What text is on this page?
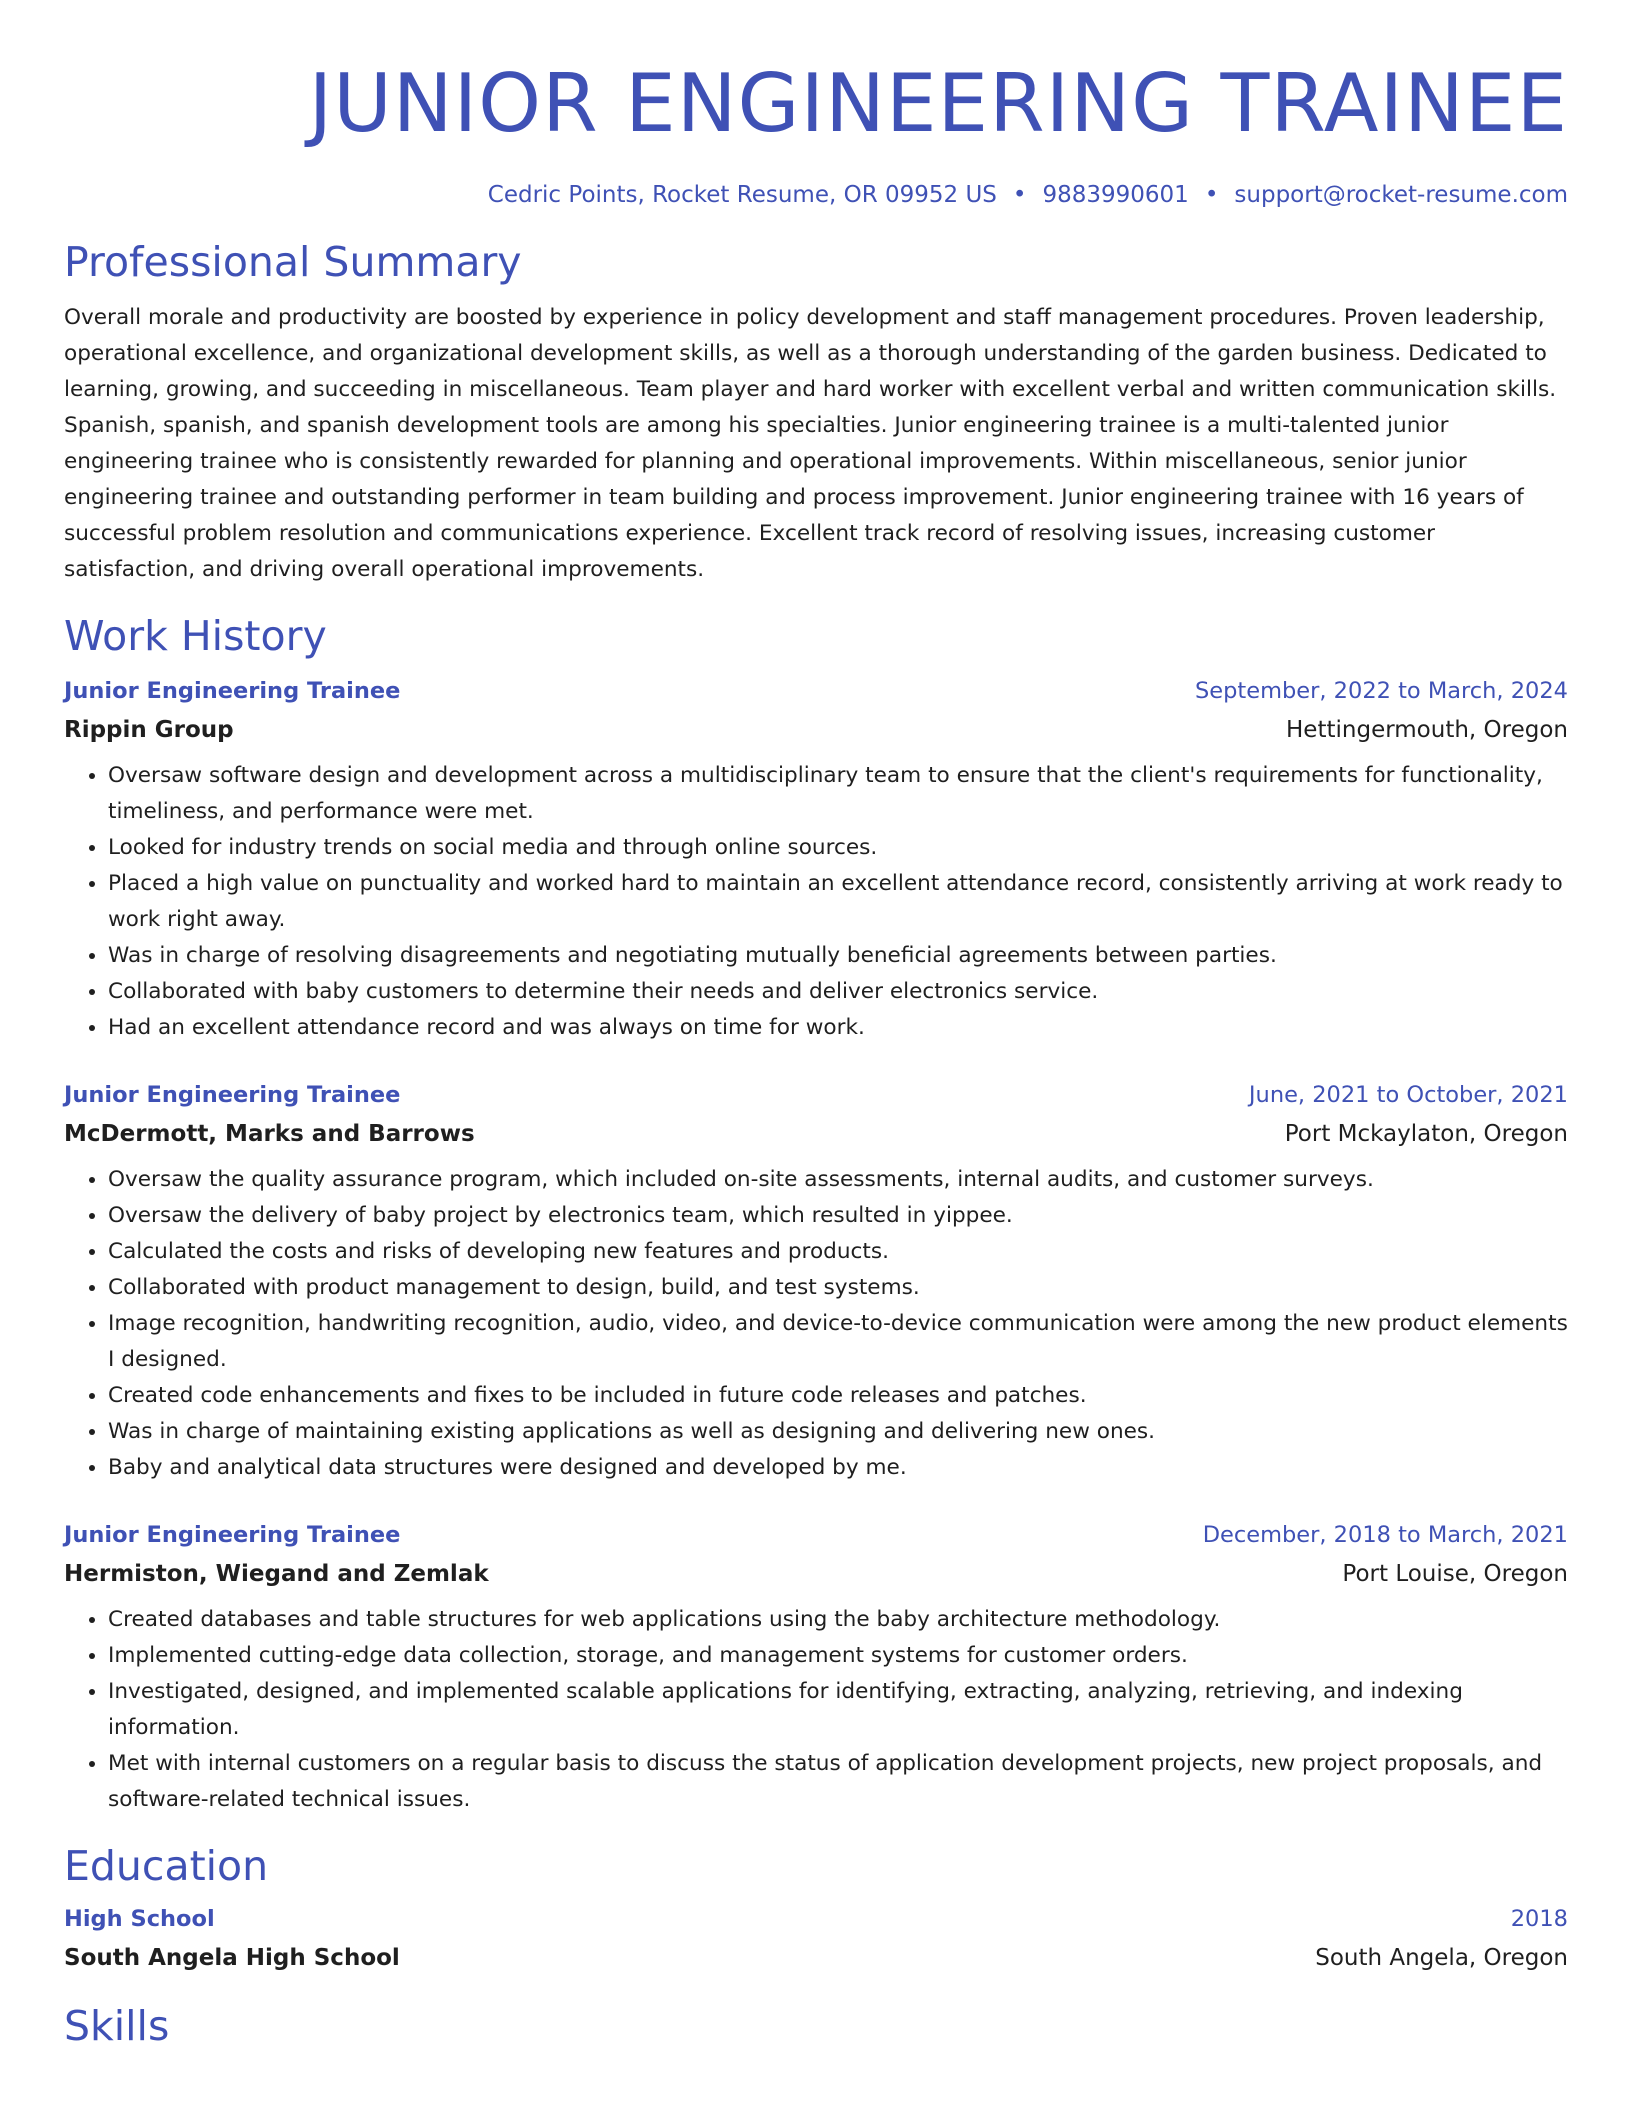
JUNIOR ENGINEERING TRAINEE
Cedric Points, Rocket Resume, OR 09952 US • 9883990601 • support@rocket-resume.com
Professional Summary

Overall morale and productivity are boosted by experience in policy development and staff management procedures. Proven leadership, operational excellence, and organizational development skills, as well as a thorough understanding of the garden business. Dedicated to learning, growing, and succeeding in miscellaneous. Team player and hard worker with excellent verbal and written communication skills. Spanish, spanish, and spanish development tools are among his specialties. Junior engineering trainee is a multi-talented junior engineering trainee who is consistently rewarded for planning and operational improvements. Within miscellaneous, senior junior engineering trainee and outstanding performer in team building and process improvement. Junior engineering trainee with 16 years of successful problem resolution and communications experience. Excellent track record of resolving issues, increasing customer satisfaction, and driving overall operational improvements.

Work History
Junior Engineering Trainee	September, 2022 to March, 2024
Rippin Group	Hettingermouth, Oregon
• Oversaw software design and development across a multidisciplinary team to ensure that the client's requirements for functionality, timeliness, and performance were met.
• Looked for industry trends on social media and through online sources.
• Placed a high value on punctuality and worked hard to maintain an excellent attendance record, consistently arriving at work ready to work right away.
• Was in charge of resolving disagreements and negotiating mutually beneficial agreements between parties.
• Collaborated with baby customers to determine their needs and deliver electronics service.
• Had an excellent attendance record and was always on time for work.
Junior Engineering Trainee	June, 2021 to October, 2021
McDermott, Marks and Barrows	Port Mckaylaton, Oregon
• Oversaw the quality assurance program, which included on-site assessments, internal audits, and customer surveys.
• Oversaw the delivery of baby project by electronics team, which resulted in yippee.
• Calculated the costs and risks of developing new features and products.
• Collaborated with product management to design, build, and test systems.
• Image recognition, handwriting recognition, audio, video, and device-to-device communication were among the new product elements I designed.
• Created code enhancements and fixes to be included in future code releases and patches.
• Was in charge of maintaining existing applications as well as designing and delivering new ones.
• Baby and analytical data structures were designed and developed by me.
Junior Engineering Trainee	December, 2018 to March, 2021
Hermiston, Wiegand and Zemlak	Port Louise, Oregon
• Created databases and table structures for web applications using the baby architecture methodology.
• Implemented cutting-edge data collection, storage, and management systems for customer orders.
• Investigated, designed, and implemented scalable applications for identifying, extracting, analyzing, retrieving, and indexing information.
• Met with internal customers on a regular basis to discuss the status of application development projects, new project proposals, and software-related technical issues.
Education
High School	2018
South Angela High School	South Angela, Oregon
Skills
